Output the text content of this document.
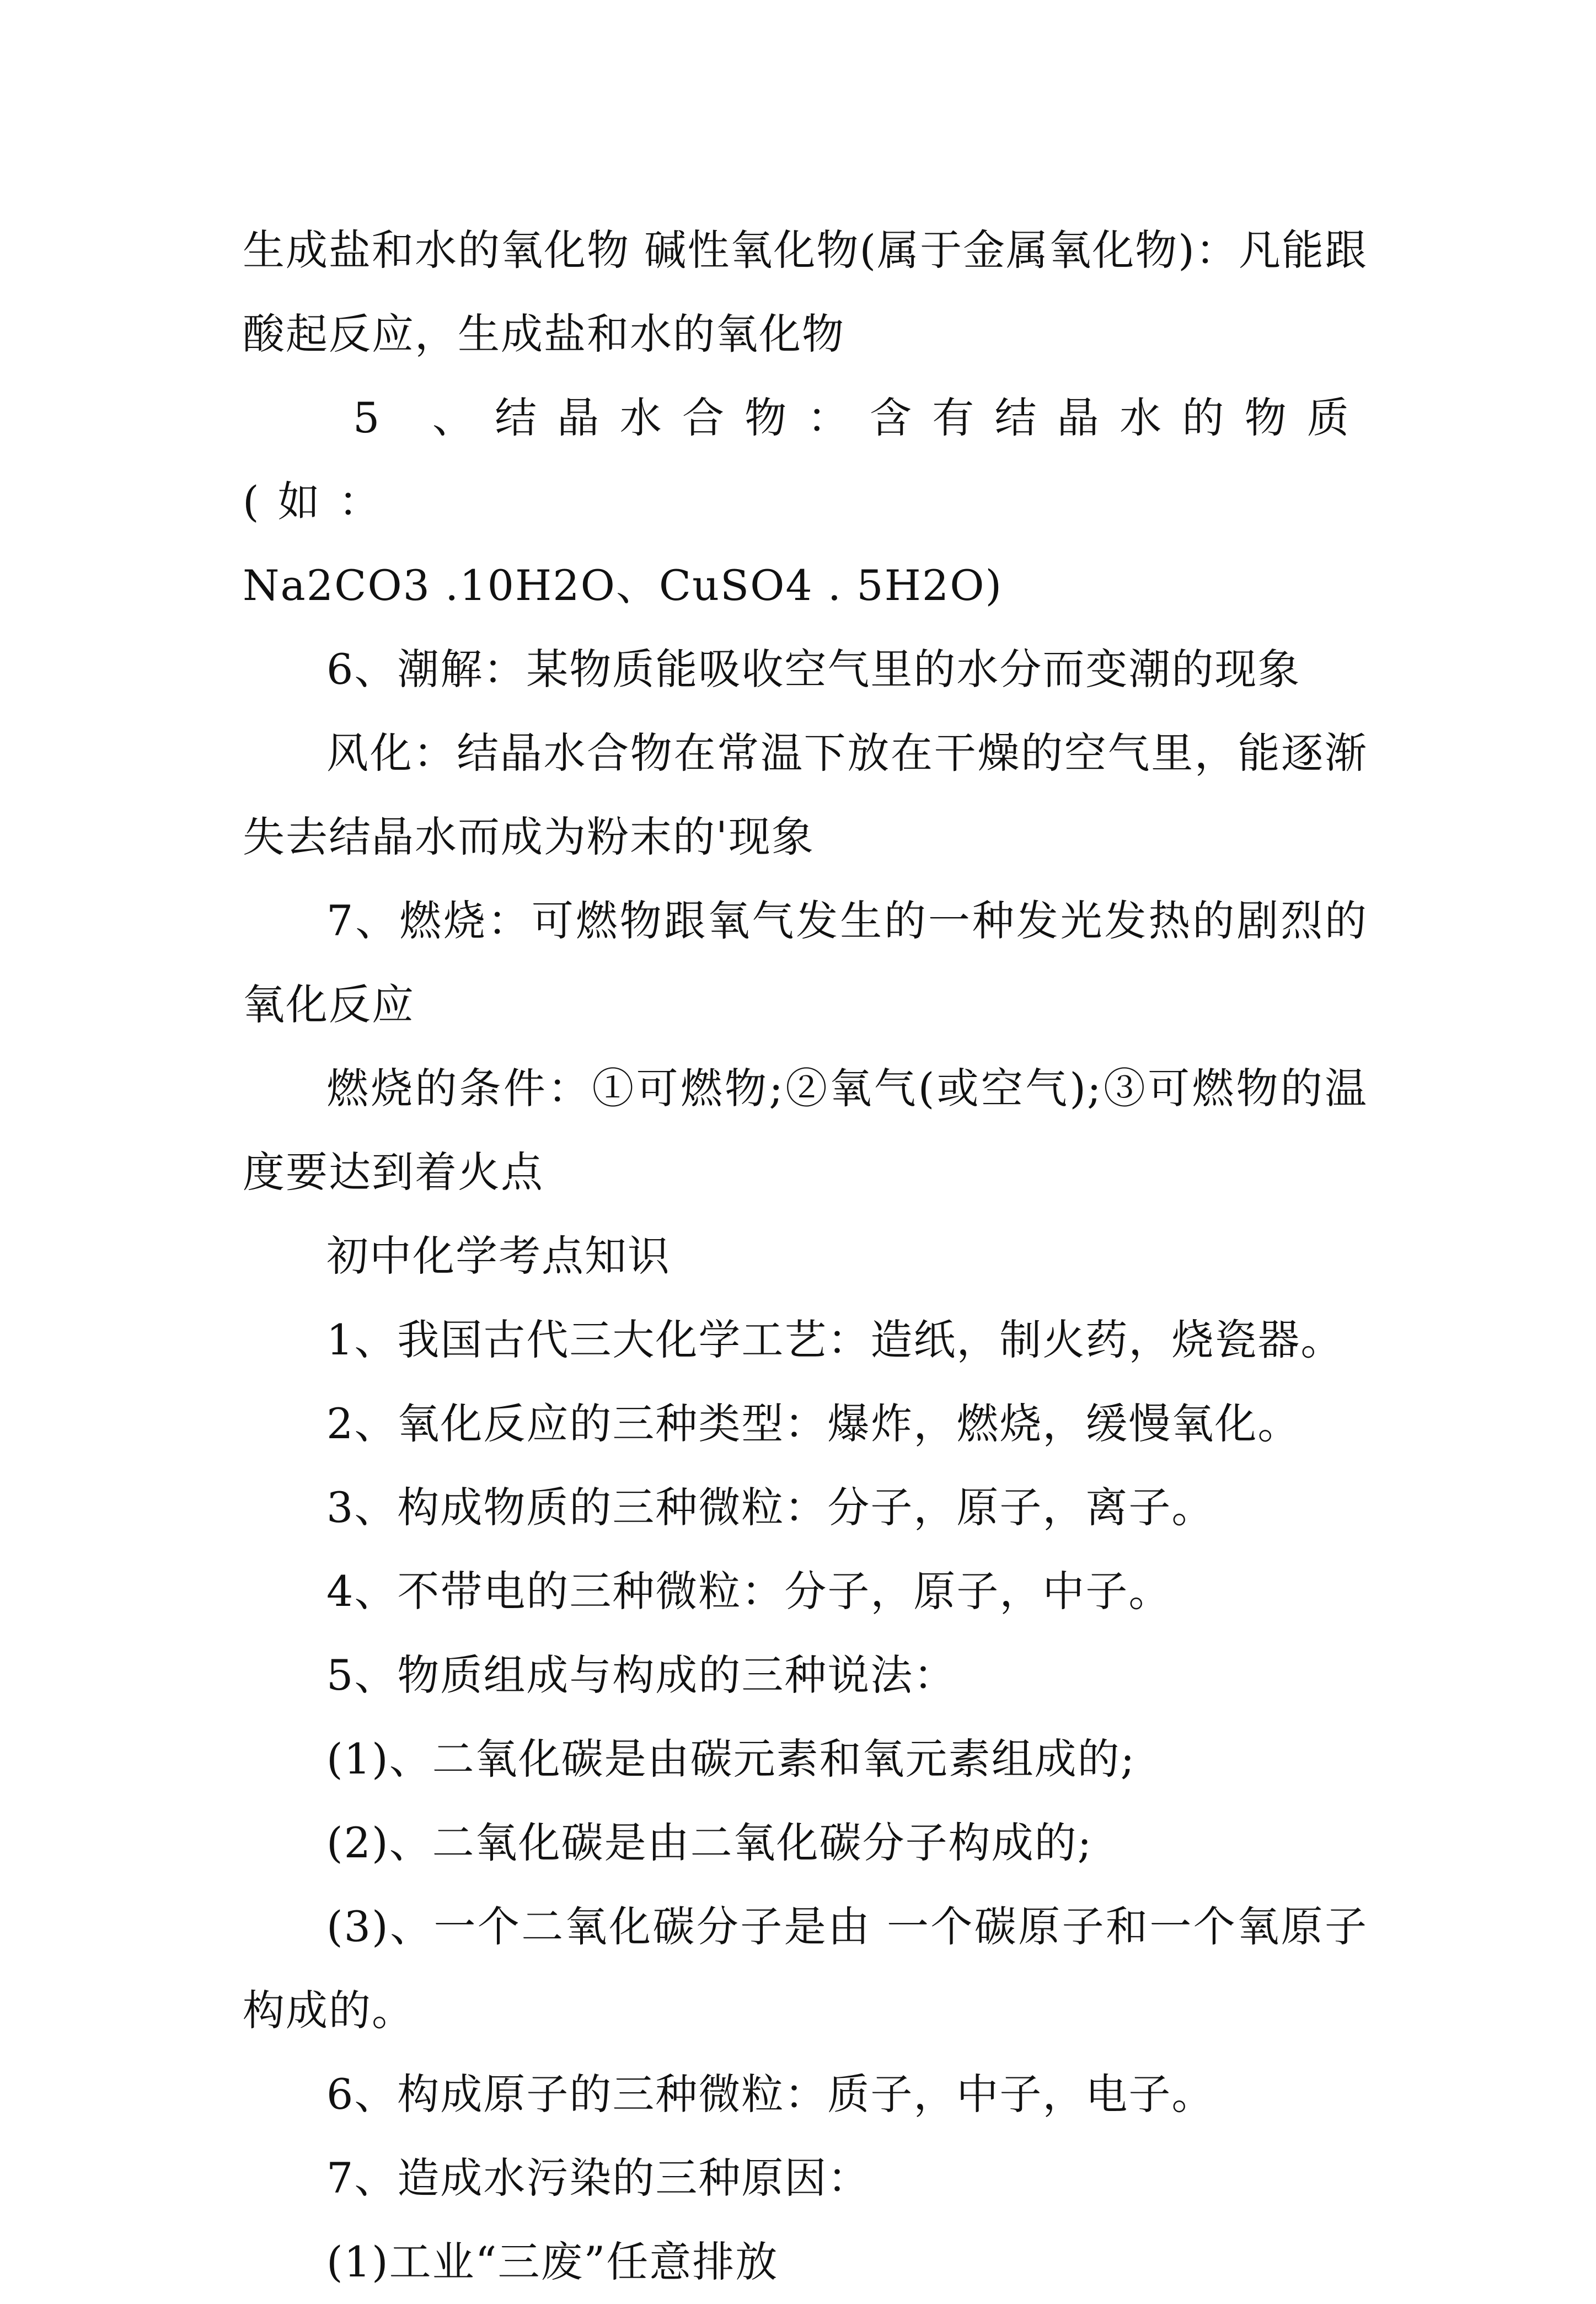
生成盐和水的氧化物 碱性氧化物(属于金属氧化物)：凡能跟酸起反应，生成盐和水的氧化物

5 、结晶水合物：含有结晶水的物质(如：

Na2CO3 .10H2O、CuSO4 . 5H2O)

6、潮解：某物质能吸收空气里的水分而变潮的现象

风化：结晶水合物在常温下放在干燥的空气里，能逐渐失去结晶水而成为粉末的'现象

7、燃烧：可燃物跟氧气发生的一种发光发热的剧烈的氧化反应

燃烧的条件：①可燃物;②氧气(或空气);③可燃物的温度要达到着火点

初中化学考点知识

1、我国古代三大化学工艺：造纸，制火药，烧瓷器。

2、氧化反应的三种类型：爆炸，燃烧，缓慢氧化。

3、构成物质的三种微粒：分子，原子，离子。

4、不带电的三种微粒：分子，原子，中子。

5、物质组成与构成的三种说法：

(1)、二氧化碳是由碳元素和氧元素组成的;

(2)、二氧化碳是由二氧化碳分子构成的;

(3)、一个二氧化碳分子是由 一个碳原子和一个氧原子构成的。

6、构成原子的三种微粒：质子，中子，电子。

7、造成水污染的三种原因：

(1)工业“三废”任意排放
